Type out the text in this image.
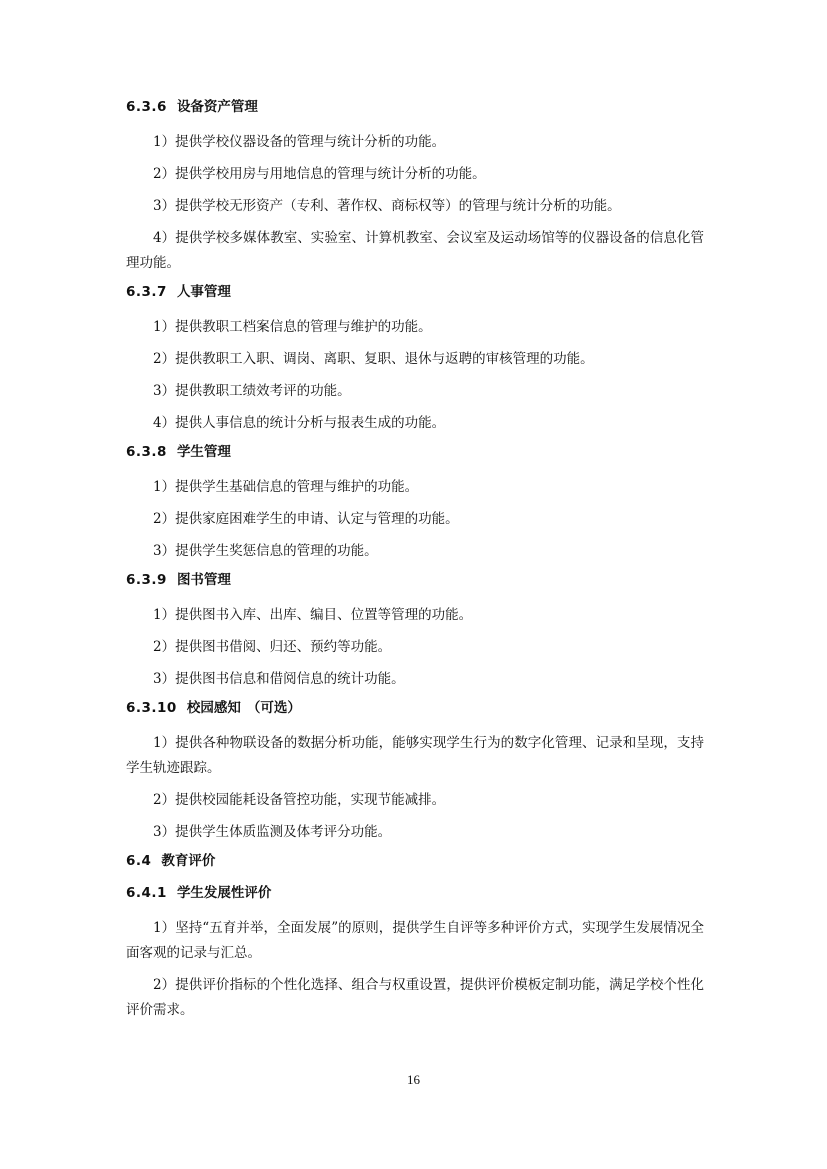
6.3.6 设备资产管理

1）提供学校仪器设备的管理与统计分析的功能。

2）提供学校用房与用地信息的管理与统计分析的功能。

3）提供学校无形资产（专利、著作权、商标权等）的管理与统计分析的功能。

4）提供学校多媒体教室、实验室、计算机教室、会议室及运动场馆等的仪器设备的信息化管理功能。

6.3.7 人事管理

1）提供教职工档案信息的管理与维护的功能。

2）提供教职工入职、调岗、离职、复职、退休与返聘的审核管理的功能。

3）提供教职工绩效考评的功能。

4）提供人事信息的统计分析与报表生成的功能。

6.3.8 学生管理

1）提供学生基础信息的管理与维护的功能。

2）提供家庭困难学生的申请、认定与管理的功能。

3）提供学生奖惩信息的管理的功能。

6.3.9 图书管理

1）提供图书入库、出库、编目、位置等管理的功能。

2）提供图书借阅、归还、预约等功能。

3）提供图书信息和借阅信息的统计功能。

6.3.10 校园感知 （可选）

1）提供各种物联设备的数据分析功能，能够实现学生行为的数字化管理、记录和呈现，支持学生轨迹跟踪。

2）提供校园能耗设备管控功能，实现节能减排。

3）提供学生体质监测及体考评分功能。

6.4 教育评价
6.4.1 学生发展性评价

1）坚持“五育并举，全面发展”的原则，提供学生自评等多种评价方式，实现学生发展情况全面客观的记录与汇总。

2）提供评价指标的个性化选择、组合与权重设置，提供评价模板定制功能，满足学校个性化评价需求。

16
